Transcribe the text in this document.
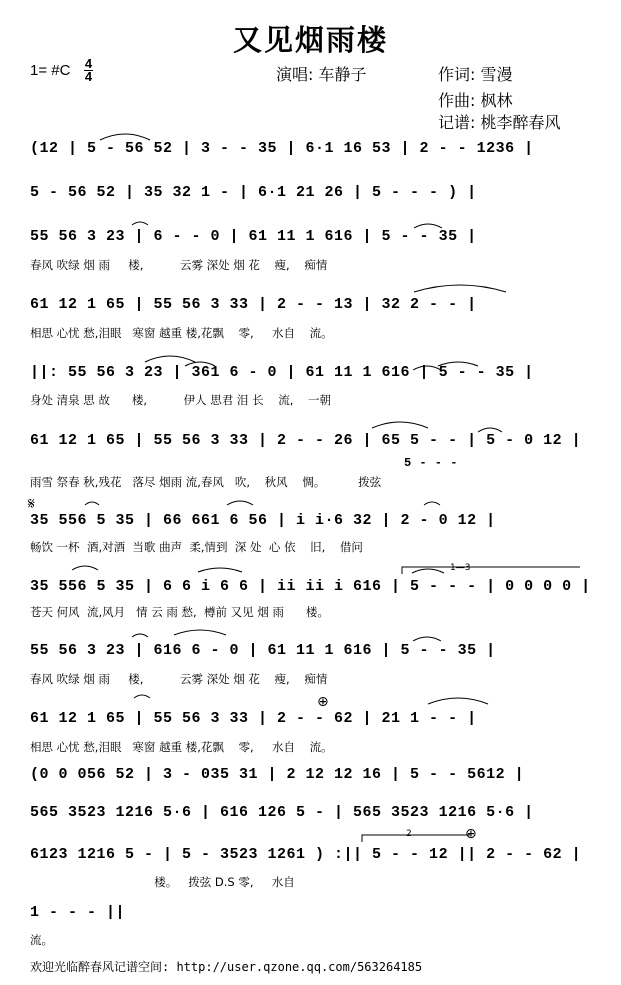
又见烟雨楼
1= #C 4
4	演唱: 车静子	作词: 雪漫
作曲: 枫林
记谱: 桃李醉春风
(12 | 5 - 56 52 | 3 - - 35 | 6·1 16 53 | 2 - - 1236 |
5 - 56 52 | 35 32 1 - | 6·1 21 26 | 5 - - - ) |
55 56 3 23 | 6 - - 0 | 61 11 1 616 | 5 - - 35 |
春风 吹绿 烟 雨     楼,          云雾 深处 烟 花    瘦,    痴情
61 12 1 65 | 55 56 3 33 | 2 - - 13 | 32 2 - - |
相思 心忧 愁,泪眼   寒窗 越重 楼,花飘    零,     水自    流。
||: 55 56 3 23 | 361 6 - 0 | 61 11 1 616 | 5 - - 35 |
身处 清泉 思 故      楼,          伊人 思君 泪 长    流,    一朝
61 12 1 65 | 55 56 3 33 | 2 - - 26 | 65 5 - - | 5 - 0 12 |
5 - - -
雨雪 祭春 秋,残花   落尽 烟雨 流,春风   吹,    秋风    惆。         拨弦
35 556 5 35 | 66 661 6 56 | i i·6 32 | 2 - 0 12 |
畅饮 一杯  酒,对酒  当歌 曲声  柔,情到  深 处  心 依    旧,    借问
35 556 5 35 | 6 6 i 6 6 | ii ii i 616 | 5 - - - | 0 0 0 0 |
苍天 何风  流,风月   情 云 雨 愁,  樽前 又见 烟 雨      楼。
55 56 3 23 | 616 6 - 0 | 61 11 1 616 | 5 - - 35 |
春风 吹绿 烟 雨     楼,          云雾 深处 烟 花    瘦,    痴情
61 12 1 65 | 55 56 3 33 | 2 - - 62 | 21 1 - - |
相思 心忧 愁,泪眼   寒窗 越重 楼,花飘    零,     水自    流。
(0 0 056 52 | 3 - 035 31 | 2 12 12 16 | 5 - - 5612 |
565 3523 1216 5·6 | 616 126 5 - | 565 3523 1216 5·6 |
6123 1216 5 - | 5 - 3523 1261 ) :|| 5 - - 12 || 2 - - 62 |
楼。   拨弦 D.S 零,     水自
1 - - - ||
流。
𝄋
⊕
⊕
1—3
2
欢迎光临醉春风记谱空间: http://user.qzone.qq.com/563264185
